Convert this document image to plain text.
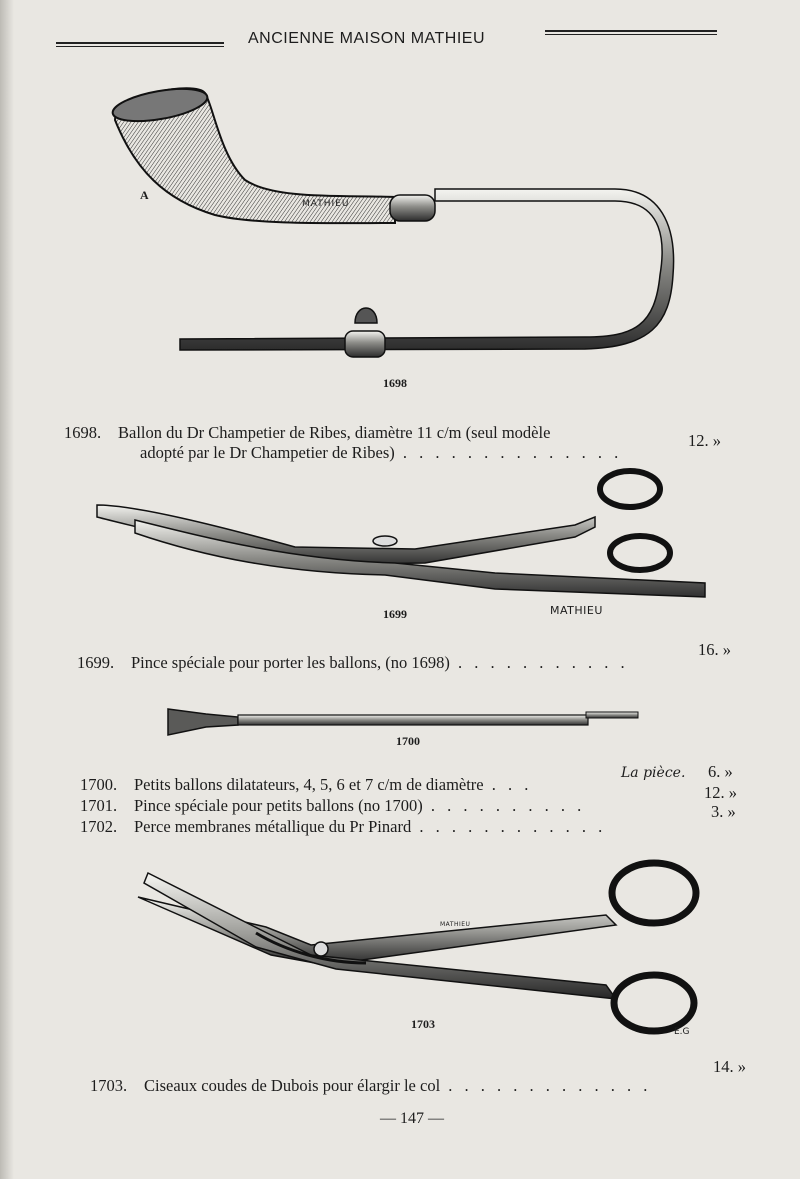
ANCIENNE MAISON MATHIEU
MATHIEU
A
1698
1698. Ballon du Dr Champetier de Ribes, diamètre 11 c/m (seul modèle
adopté par le Dr Champetier de Ribes) . . . . . . . . . . . . . .
12. »
MATHIEU
1699
1699. Pince spéciale pour porter les ballons, (no 1698) . . . . . . . . . . .
16. »
1700
1700. Petits ballons dilatateurs, 4, 5, 6 et 7 c/m de diamètre . . .
La pièce. 6. »
1701. Pince spéciale pour petits ballons (no 1700) . . . . . . . . . .
12. »
1702. Perce membranes métallique du Pr Pinard . . . . . . . . . . . .
3. »
MATHIEU
E.G
1703
1703. Ciseaux coudes de Dubois pour élargir le col . . . . . . . . . . . . .
14. »
— 147 —
